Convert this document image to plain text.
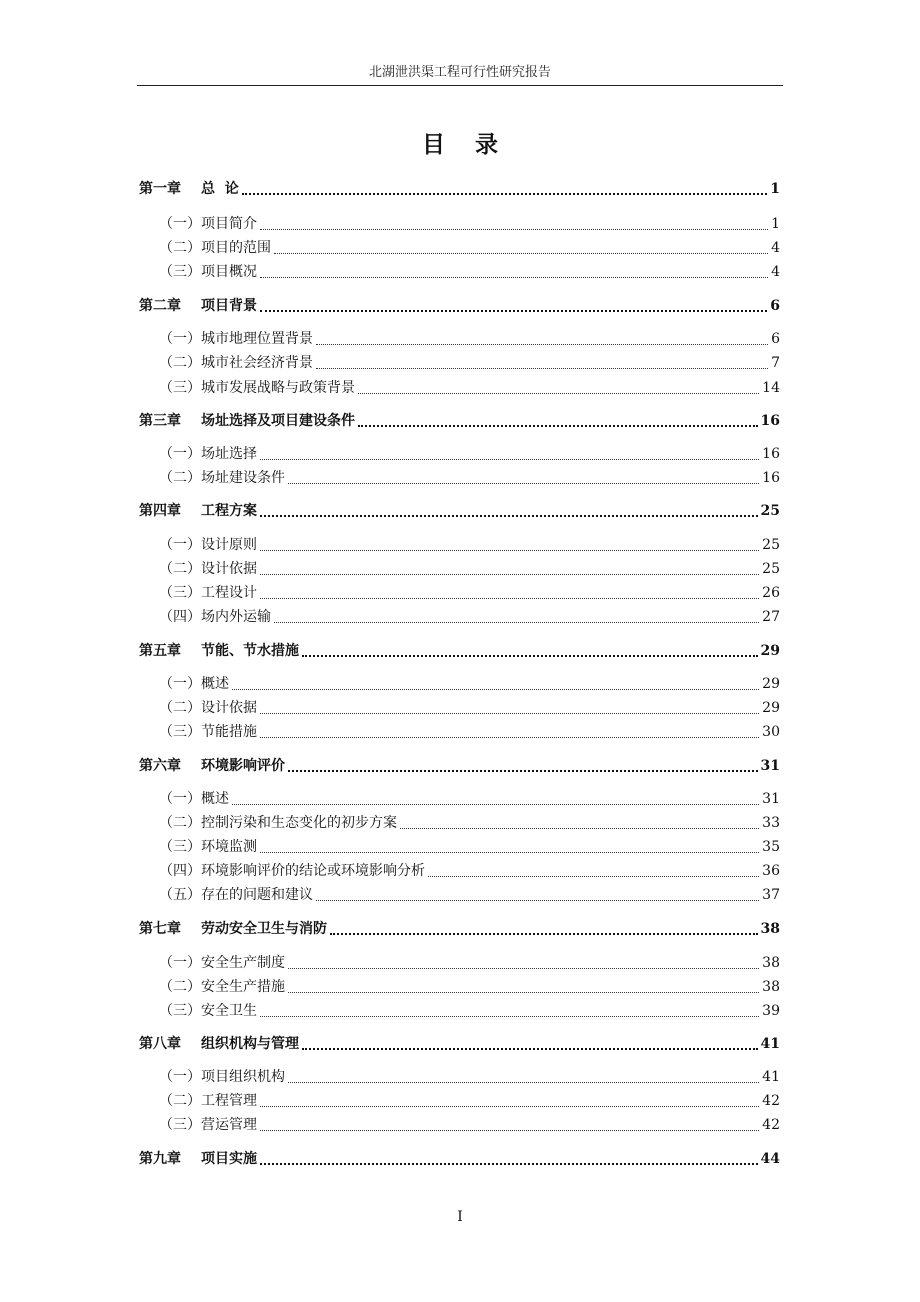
北湖泄洪渠工程可行性研究报告
目录
第一章	总  论	1
（一） 项目简介	1
（二） 项目的范围	4
（三） 项目概况	4
第二章	项目背景	6
（一） 城市地理位置背景	6
（二） 城市社会经济背景	7
（三） 城市发展战略与政策背景	14
第三章	场址选择及项目建设条件	16
（一） 场址选择	16
（二） 场址建设条件	16
第四章	工程方案	25
（一） 设计原则	25
（二） 设计依据	25
（三） 工程设计	26
（四） 场内外运输	27
第五章	节能、节水措施	29
（一） 概述	29
（二） 设计依据	29
（三） 节能措施	30
第六章	环境影响评价	31
（一） 概述	31
（二） 控制污染和生态变化的初步方案	33
（三） 环境监测	35
（四） 环境影响评价的结论或环境影响分析	36
（五） 存在的问题和建议	37
第七章	劳动安全卫生与消防	38
（一） 安全生产制度	38
（二） 安全生产措施	38
（三） 安全卫生	39
第八章	组织机构与管理	41
（一） 项目组织机构	41
（二） 工程管理	42
（三） 营运管理	42
第九章	项目实施	44
I
